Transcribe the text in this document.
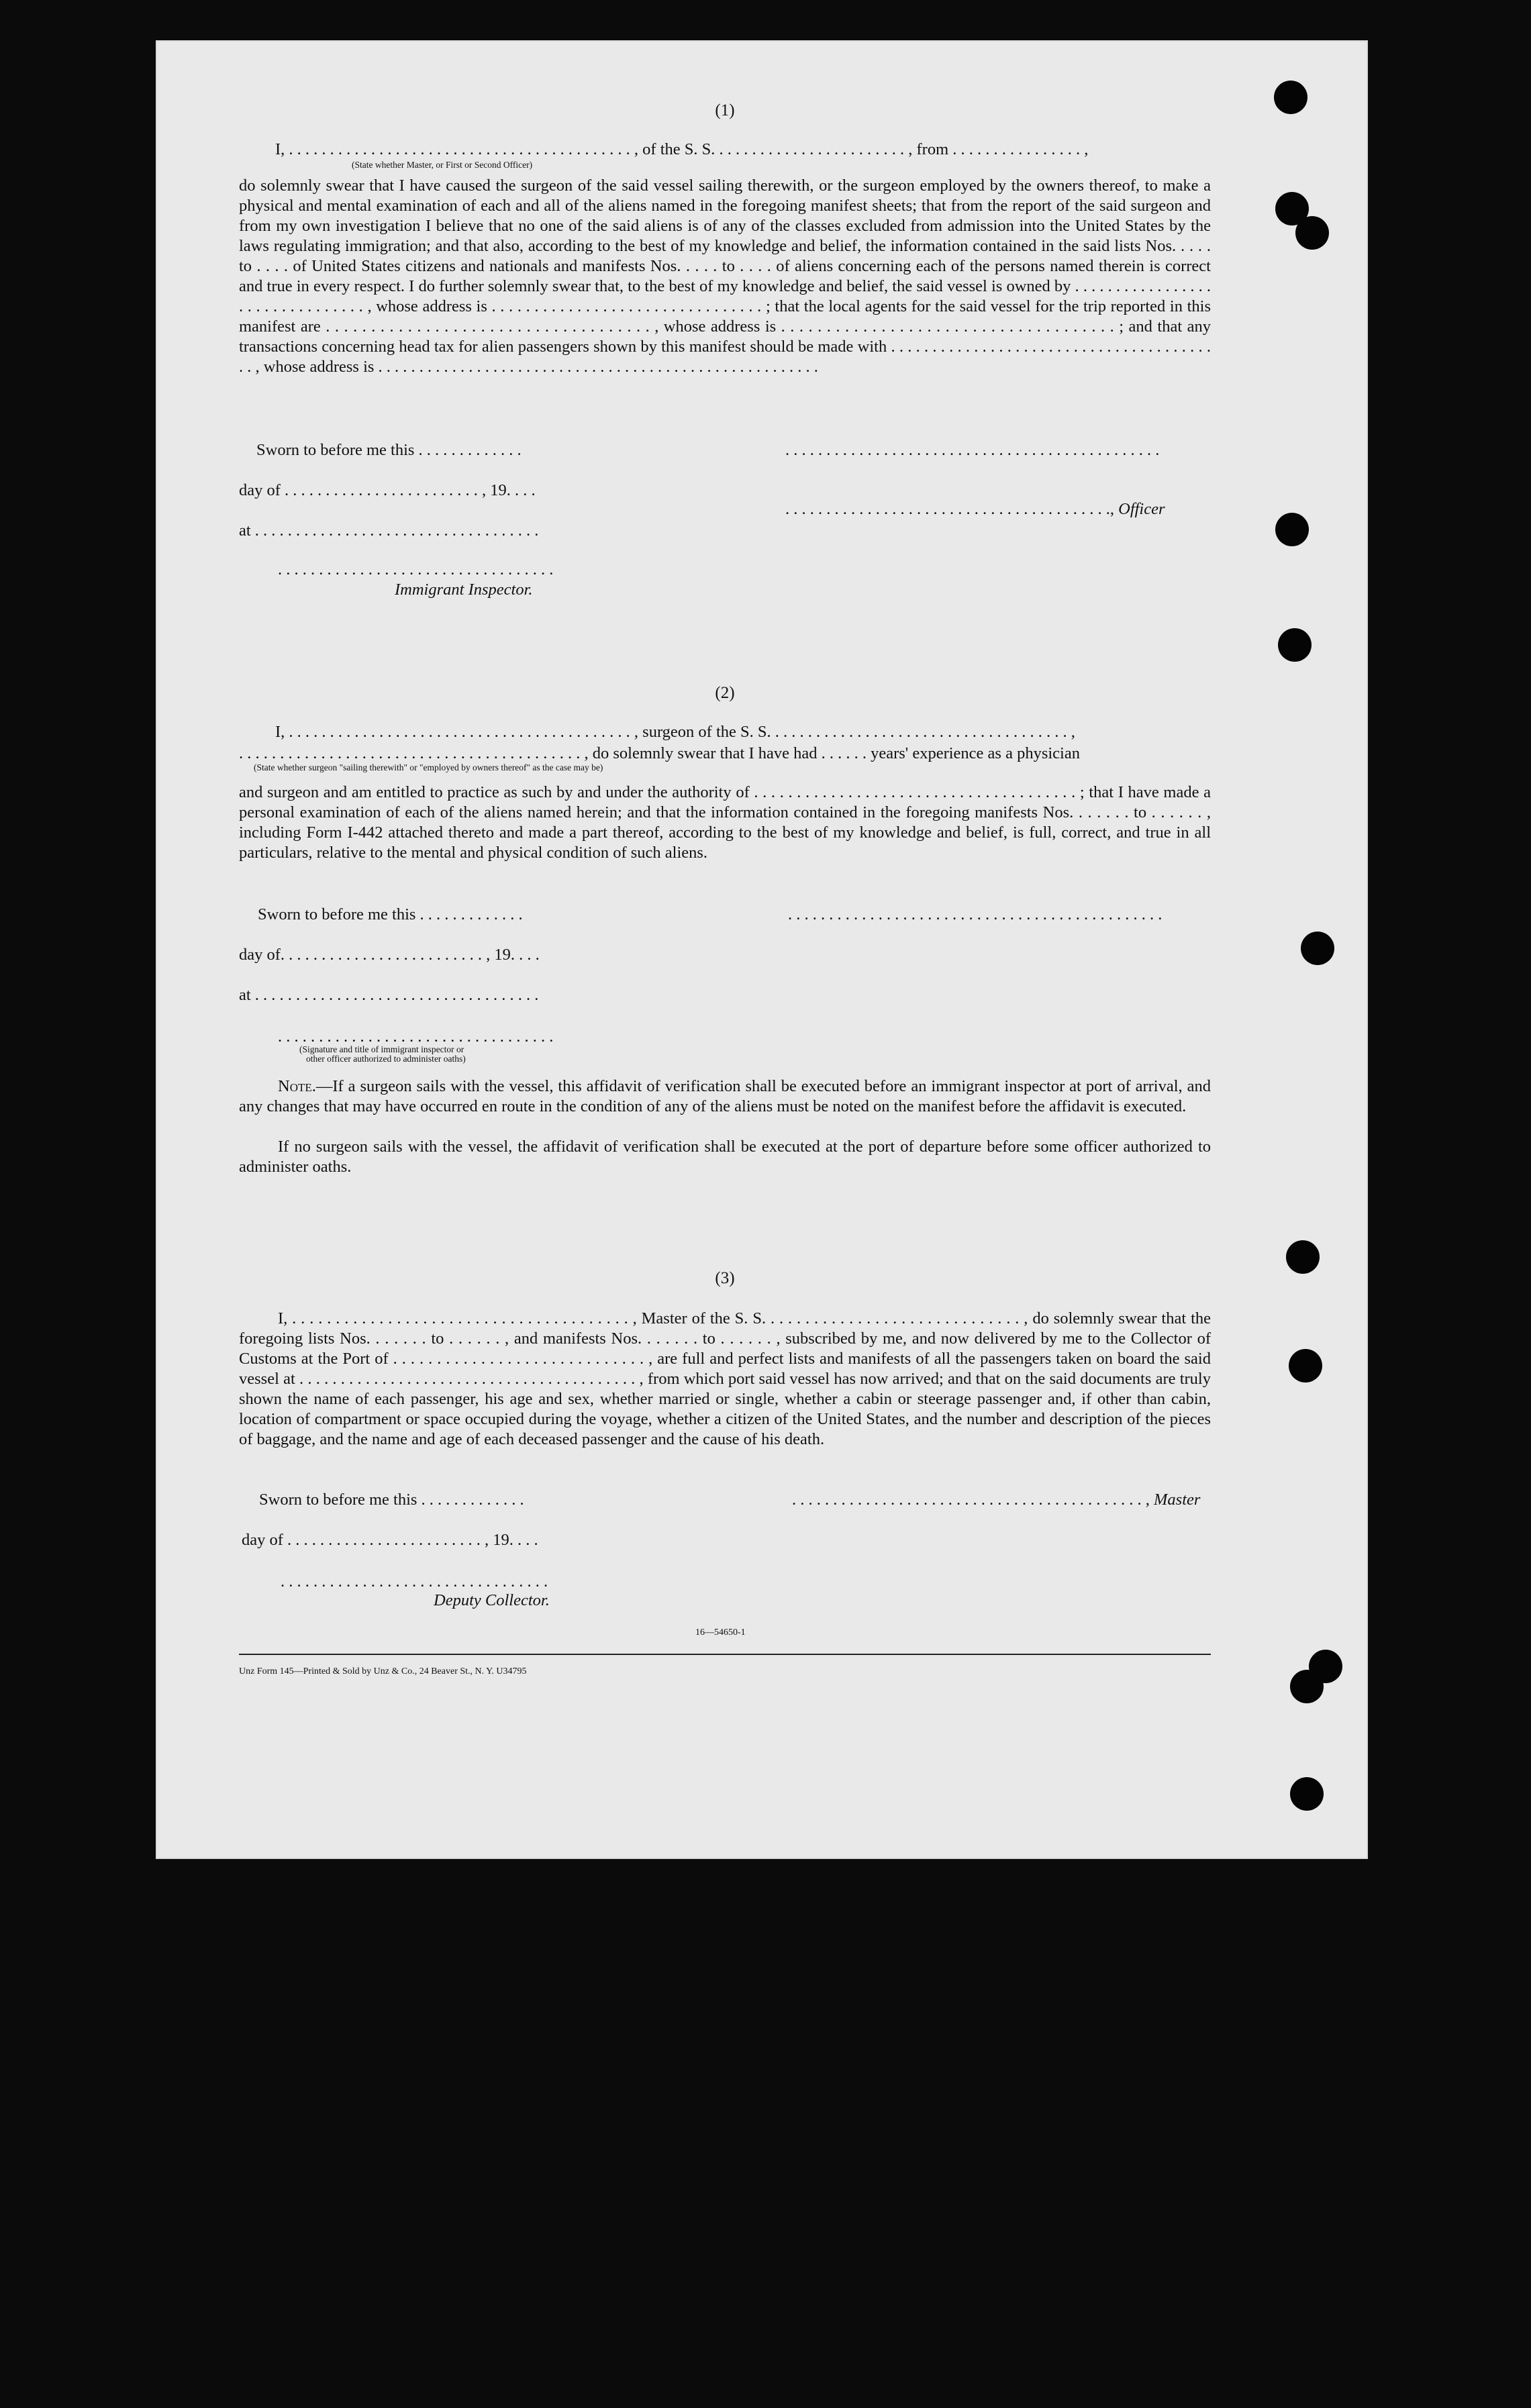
(1)
I, . . . . . . . . . . . . . . . . . . . . . . . . . . . . . . . . . . . . . . . . . . , of the S. S. . . . . . . . . . . . . . . . . . . . . . . . , from . . . . . . . . . . . . . . . . ,
(State whether Master, or First or Second Officer)

do solemnly swear that I have caused the surgeon of the said vessel sailing therewith, or the surgeon employed by the owners thereof, to make a physical and mental examination of each and all of the aliens named in the foregoing manifest sheets; that from the report of the said surgeon and from my own investigation I believe that no one of the said aliens is of any of the classes excluded from admission into the United States by the laws regulating immigration; and that also, according to the best of my knowledge and belief, the information contained in the said lists Nos. . . . . to . . . . of United States citizens and nationals and manifests Nos. . . . . to . . . . of aliens concerning each of the persons named therein is correct and true in every respect. I do further solemnly swear that, to the best of my knowledge and belief, the said vessel is owned by . . . . . . . . . . . . . . . . . . . . . . . . . . . . . . . . , whose address is . . . . . . . . . . . . . . . . . . . . . . . . . . . . . . . . ; that the local agents for the said vessel for the trip reported in this manifest are . . . . . . . . . . . . . . . . . . . . . . . . . . . . . . . . . . . . , whose address is . . . . . . . . . . . . . . . . . . . . . . . . . . . . . . . . . . . . . ; and that any transactions concerning head tax for alien passengers shown by this manifest should be made with . . . . . . . . . . . . . . . . . . . . . . . . . . . . . . . . . . . . . . . . . , whose address is . . . . . . . . . . . . . . . . . . . . . . . . . . . . . . . . . . . . . . . . . . . . . . . . . . . . . .

Sworn to before me this . . . . . . . . . . . . .	. . . . . . . . . . . . . . . . . . . . . . . . . . . . . . . . . . . . . . . . . . . . . .
day of . . . . . . . . . . . . . . . . . . . . . . . . , 19. . . .
. . . . . . . . . . . . . . . . . . . . . . . . . . . . . . . . . . . . . . . ., Officer
at . . . . . . . . . . . . . . . . . . . . . . . . . . . . . . . . . . .
. . . . . . . . . . . . . . . . . . . . . . . . . . . . . . . . . .
Immigrant Inspector.
(2)
I, . . . . . . . . . . . . . . . . . . . . . . . . . . . . . . . . . . . . . . . . . . , surgeon of the S. S. . . . . . . . . . . . . . . . . . . . . . . . . . . . . . . . . . . . . ,
. . . . . . . . . . . . . . . . . . . . . . . . . . . . . . . . . . . . . . . . . . , do solemnly swear that I have had . . . . . . years' experience as a physician
(State whether surgeon "sailing therewith" or "employed by owners thereof" as the case may be)

and surgeon and am entitled to practice as such by and under the authority of . . . . . . . . . . . . . . . . . . . . . . . . . . . . . . . . . . . . . . ; that I have made a personal examination of each of the aliens named herein; and that the information contained in the foregoing manifests Nos. . . . . . . to . . . . . . , including Form I-442 attached thereto and made a part thereof, according to the best of my knowledge and belief, is full, correct, and true in all particulars, relative to the mental and physical condition of such aliens.

Sworn to before me this . . . . . . . . . . . . .	. . . . . . . . . . . . . . . . . . . . . . . . . . . . . . . . . . . . . . . . . . . . . .
day of. . . . . . . . . . . . . . . . . . . . . . . . . , 19. . . .
at . . . . . . . . . . . . . . . . . . . . . . . . . . . . . . . . . . .
. . . . . . . . . . . . . . . . . . . . . . . . . . . . . . . . . .
(Signature and title of immigrant inspector or
other officer authorized to administer oaths)

Note.—If a surgeon sails with the vessel, this affidavit of verification shall be executed before an immigrant inspector at port of arrival, and any changes that may have occurred en route in the condition of any of the aliens must be noted on the manifest before the affidavit is executed.

If no surgeon sails with the vessel, the affidavit of verification shall be executed at the port of departure before some officer authorized to administer oaths.

(3)

I, . . . . . . . . . . . . . . . . . . . . . . . . . . . . . . . . . . . . . . . , Master of the S. S. . . . . . . . . . . . . . . . . . . . . . . . . . . . . . , do solemnly swear that the foregoing lists Nos. . . . . . . to . . . . . . , and manifests Nos. . . . . . . to . . . . . . , subscribed by me, and now delivered by me to the Collector of Customs at the Port of . . . . . . . . . . . . . . . . . . . . . . . . . . . . . , are full and perfect lists and manifests of all the passengers taken on board the said vessel at . . . . . . . . . . . . . . . . . . . . . . . . . . . . . . . . . . . . . . . . . , from which port said vessel has now arrived; and that on the said documents are truly shown the name of each passenger, his age and sex, whether married or single, whether a cabin or steerage passenger and, if other than cabin, location of compartment or space occupied during the voyage, whether a citizen of the United States, and the number and description of the pieces of baggage, and the name and age of each deceased passenger and the cause of his death.

Sworn to before me this . . . . . . . . . . . . .	. . . . . . . . . . . . . . . . . . . . . . . . . . . . . . . . . . . . . . . . . . . , Master
day of . . . . . . . . . . . . . . . . . . . . . . . . , 19. . . .
. . . . . . . . . . . . . . . . . . . . . . . . . . . . . . . . .
Deputy Collector.
16—54650-1
Unz Form 145—Printed & Sold by Unz & Co., 24 Beaver St., N. Y. U34795
